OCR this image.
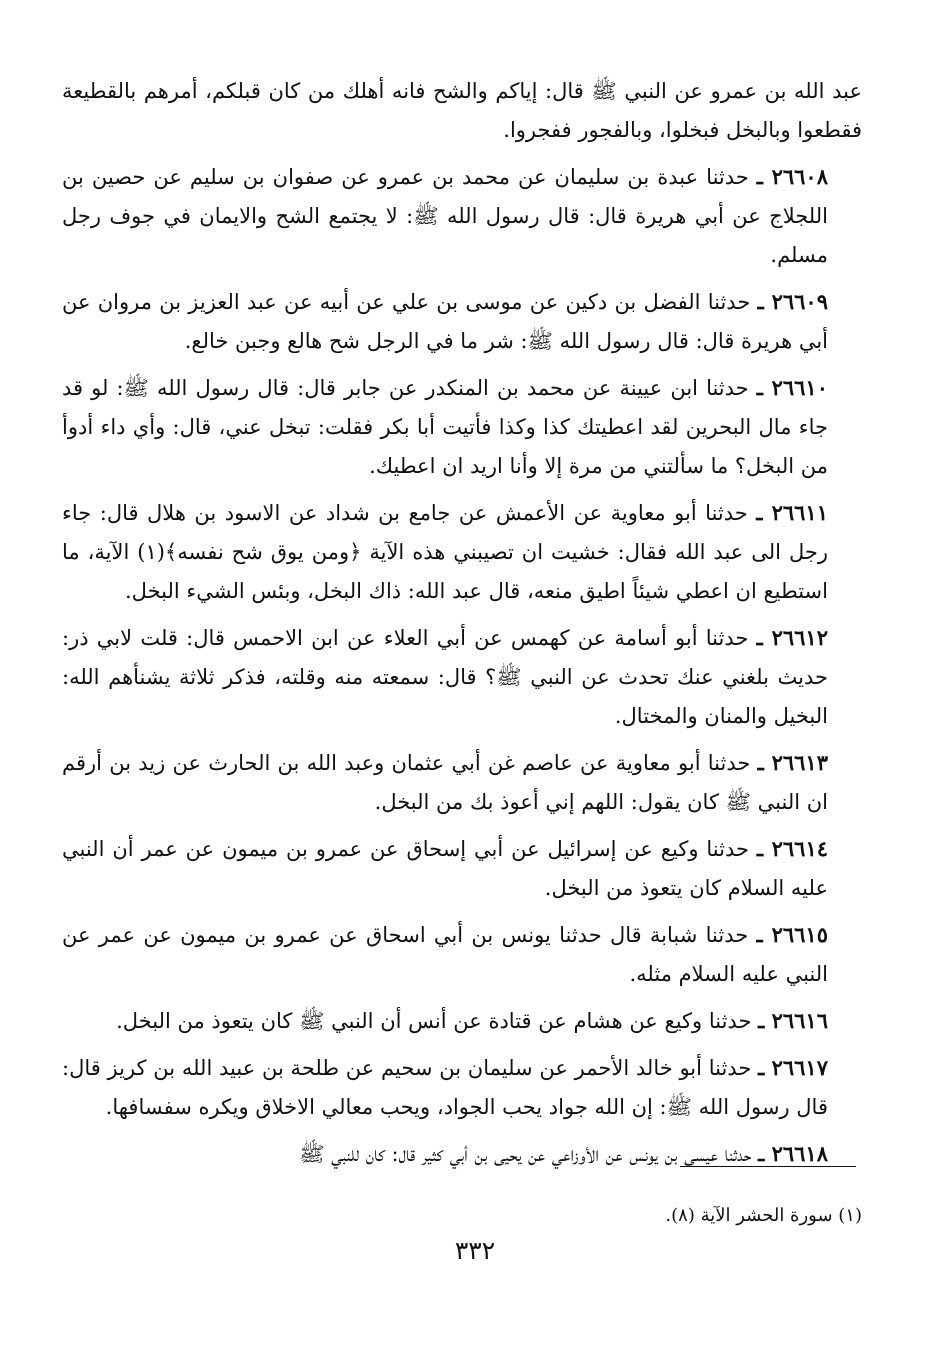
عبد الله بن عمرو عن النبي ﷺ قال: إياكم والشح فانه أهلك من كان قبلكم، أمرهم بالقطيعة فقطعوا وبالبخل فبخلوا، وبالفجور ففجروا.

٢٦٦٠٨ ـ حدثنا عبدة بن سليمان عن محمد بن عمرو عن صفوان بن سليم عن حصين بن اللجلاج عن أبي هريرة قال: قال رسول الله ﷺ: لا يجتمع الشح والايمان في جوف رجل مسلم.

٢٦٦٠٩ ـ حدثنا الفضل بن دكين عن موسى بن علي عن أبيه عن عبد العزيز بن مروان عن أبي هريرة قال: قال رسول الله ﷺ: شر ما في الرجل شح هالع وجبن خالع.

٢٦٦١٠ ـ حدثنا ابن عيينة عن محمد بن المنكدر عن جابر قال: قال رسول الله ﷺ: لو قد جاء مال البحرين لقد اعطيتك كذا وكذا فأتيت أبا بكر فقلت: تبخل عني، قال: وأي داء أدوأ من البخل؟ ما سألتني من مرة إلا وأنا اريد ان اعطيك.

٢٦٦١١ ـ حدثنا أبو معاوية عن الأعمش عن جامع بن شداد عن الاسود بن هلال قال: جاء رجل الى عبد الله فقال: خشيت ان تصيبني هذه الآية ﴿ومن يوق شح نفسه﴾(١) الآية، ما استطيع ان اعطي شيئاً اطيق منعه، قال عبد الله: ذاك البخل، وبئس الشيء البخل.

٢٦٦١٢ ـ حدثنا أبو أسامة عن كهمس عن أبي العلاء عن ابن الاحمس قال: قلت لابي ذر: حديث بلغني عنك تحدث عن النبي ﷺ؟ قال: سمعته منه وقلته، فذكر ثلاثة يشنأهم الله: البخيل والمنان والمختال.

٢٦٦١٣ ـ حدثنا أبو معاوية عن عاصم غن أبي عثمان وعبد الله بن الحارث عن زيد بن أرقم ان النبي ﷺ كان يقول: اللهم إني أعوذ بك من البخل.

٢٦٦١٤ ـ حدثنا وكيع عن إسرائيل عن أبي إسحاق عن عمرو بن ميمون عن عمر أن النبي عليه السلام كان يتعوذ من البخل.

٢٦٦١٥ ـ حدثنا شبابة قال حدثنا يونس بن أبي اسحاق عن عمرو بن ميمون عن عمر عن النبي عليه السلام مثله.

٢٦٦١٦ ـ حدثنا وكيع عن هشام عن قتادة عن أنس أن النبي ﷺ كان يتعوذ من البخل.

٢٦٦١٧ ـ حدثنا أبو خالد الأحمر عن سليمان بن سحيم عن طلحة بن عبيد الله بن كريز قال: قال رسول الله ﷺ: إن الله جواد يحب الجواد، ويحب معالي الاخلاق ويكره سفسافها.

٢٦٦١٨ ـ حدثنا عيسى بن يونس عن الأوزاعي عن يحيى بن أبي كثير قال: كان للنبي ﷺ

(١) سورة الحشر الآية (٨).
٣٣٢
